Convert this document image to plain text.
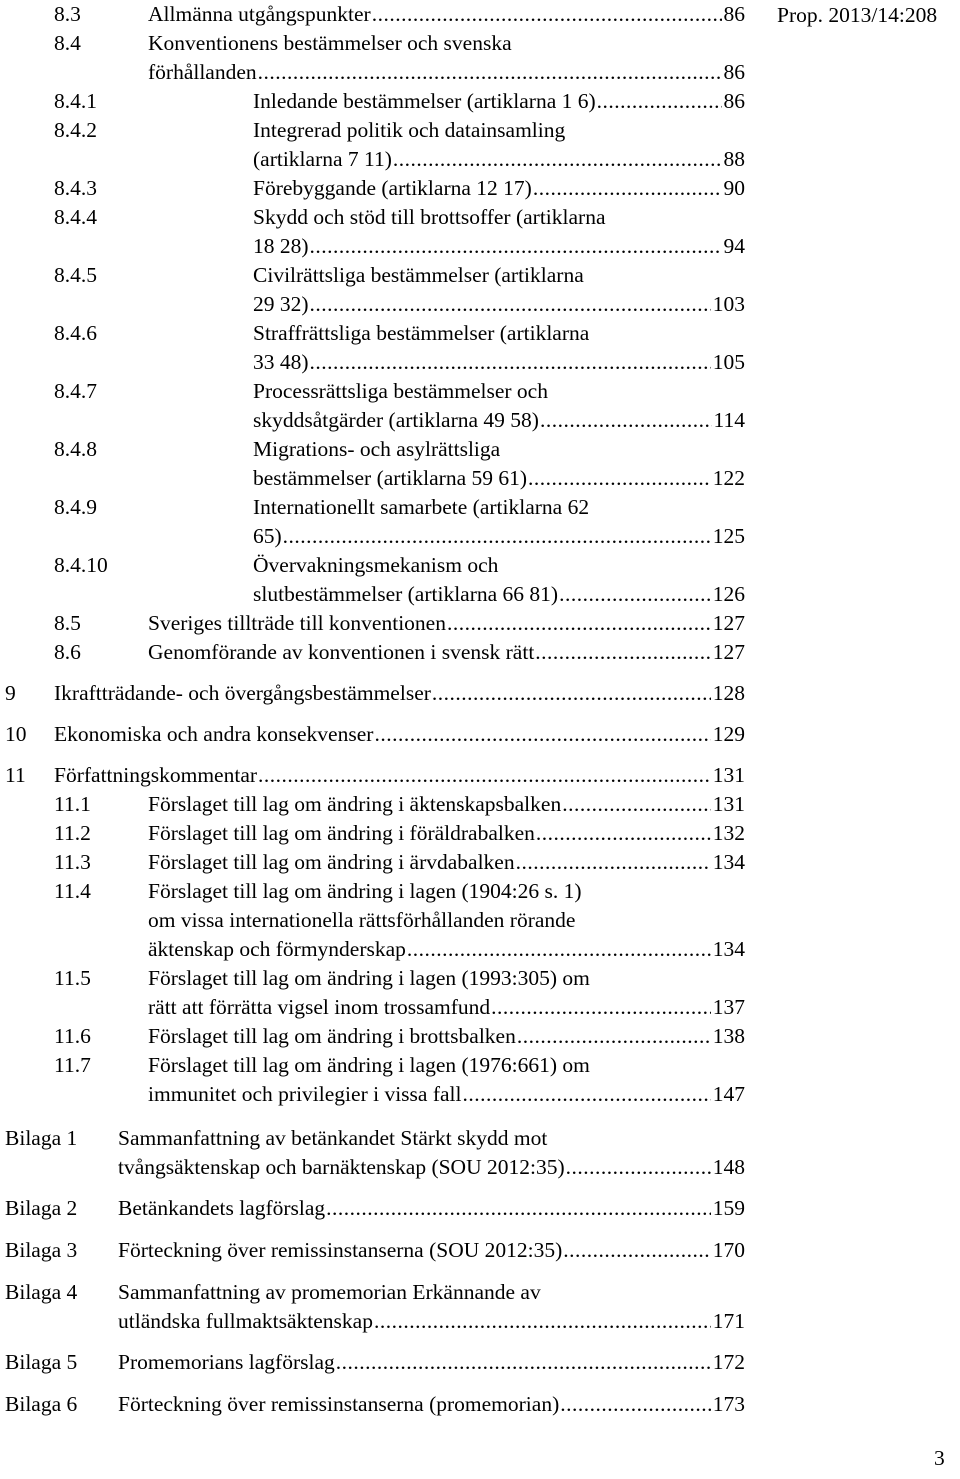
Prop. 2013/14:208
8.3	Allmänna utgångspunkter .....	86
8.4	Konventionens bestämmelser och svenska
förhållanden .....	86
8.4.1	Inledande bestämmelser (artiklarna 1 6) .....	86
8.4.2	Integrerad politik och datainsamling
(artiklarna 7 11) .....	88
8.4.3	Förebyggande (artiklarna 12 17) .....	90
8.4.4	Skydd och stöd till brottsoffer (artiklarna
18 28) .....	94
8.4.5	Civilrättsliga bestämmelser (artiklarna
29 32) .....	103
8.4.6	Straffrättsliga bestämmelser (artiklarna
33 48) .....	105
8.4.7	Processrättsliga bestämmelser och
skyddsåtgärder (artiklarna 49 58) .....	114
8.4.8	Migrations- och asylrättsliga
bestämmelser (artiklarna 59 61) .....	122
8.4.9	Internationellt samarbete (artiklarna 62
65) .....	125
8.4.10	Övervakningsmekanism och
slutbestämmelser (artiklarna 66 81) .....	126
8.5	Sveriges tillträde till konventionen .....	127
8.6	Genomförande av konventionen i svensk rätt .....	127
9 Ikraftträdande- och övergångsbestämmelser .....	128
10 Ekonomiska och andra konsekvenser .....	129
11 Författningskommentar .....	131
11.1	Förslaget till lag om ändring i äktenskapsbalken .....	131
11.2	Förslaget till lag om ändring i föräldrabalken .....	132
11.3	Förslaget till lag om ändring i ärvdabalken .....	134
11.4	Förslaget till lag om ändring i lagen (1904:26 s. 1)
om vissa internationella rättsförhållanden rörande
äktenskap och förmynderskap .....	134
11.5	Förslaget till lag om ändring i lagen (1993:305) om
rätt att förrätta vigsel inom trossamfund .....	137
11.6	Förslaget till lag om ändring i brottsbalken .....	138
11.7	Förslaget till lag om ändring i lagen (1976:661) om
immunitet och privilegier i vissa fall .....	147
Bilaga 1 Sammanfattning av betänkandet Stärkt skydd mot
tvångsäktenskap och barnäktenskap (SOU 2012:35) .....	148
Bilaga 2 Betänkandets lagförslag .....	159
Bilaga 3 Förteckning över remissinstanserna (SOU 2012:35) .....	170
Bilaga 4 Sammanfattning av promemorian Erkännande av
utländska fullmaktsäktenskap .....	171
Bilaga 5 Promemorians lagförslag .....	172
Bilaga 6 Förteckning över remissinstanserna (promemorian) .....	173
3
